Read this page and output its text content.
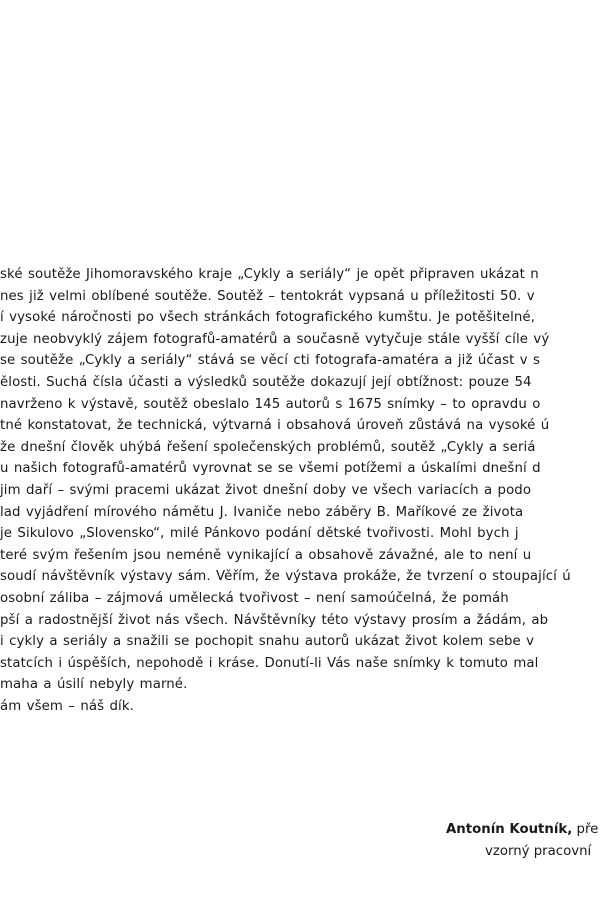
ské soutěže Jihomoravského kraje „Cykly a seriály“ je opět připraven ukázat n
nes již velmi oblíbené soutěže. Soutěž – tentokrát vypsaná u příležitosti 50. v
í vysoké náročnosti po všech stránkách fotografického kumštu. Je potěšitelné,
zuje neobvyklý zájem fotografů-amatérů a současně vytyčuje stále vyšší cíle vý
se soutěže „Cykly a seriály“ stává se věcí cti fotografa-amatéra a již účast v s
ělosti. Suchá čísla účasti a výsledků soutěže dokazují její obtížnost: pouze 54
navrženo k výstavě, soutěž obeslalo 145 autorů s 1675 snímky – to opravdu o
tné konstatovat, že technická, výtvarná i obsahová úroveň zůstává na vysoké ú
že dnešní člověk uhýbá řešení společenských problémů, soutěž „Cykly a seriá
u našich fotografů-amatérů vyrovnat se se všemi potížemi a úskalími dnešní d
jim daří – svými pracemi ukázat život dnešní doby ve všech variacích a podo
lad vyjádření mírového námětu J. Ivaniče nebo záběry B. Maříkové ze života
je Sikulovo „Slovensko“, milé Pánkovo podání dětské tvořivosti. Mohl bych j
teré svým řešením jsou neméně vynikající a obsahově závažné, ale to není u
soudí návštěvník výstavy sám. Věřím, že výstava prokáže, že tvrzení o stoupající ú
osobní záliba – zájmová umělecká tvořivost – není samoúčelná, že pomáh
pší a radostnější život nás všech. Návštěvníky této výstavy prosím a žádám, ab
i cykly a seriály a snažili se pochopit snahu autorů ukázat život kolem sebe v
statcích i úspěších, nepohodě i kráse. Donutí-li Vás naše snímky k tomuto mal
maha a úsilí nebyly marné.
ám všem – náš dík.
Antonín Koutník, pře
vzorný pracovní
